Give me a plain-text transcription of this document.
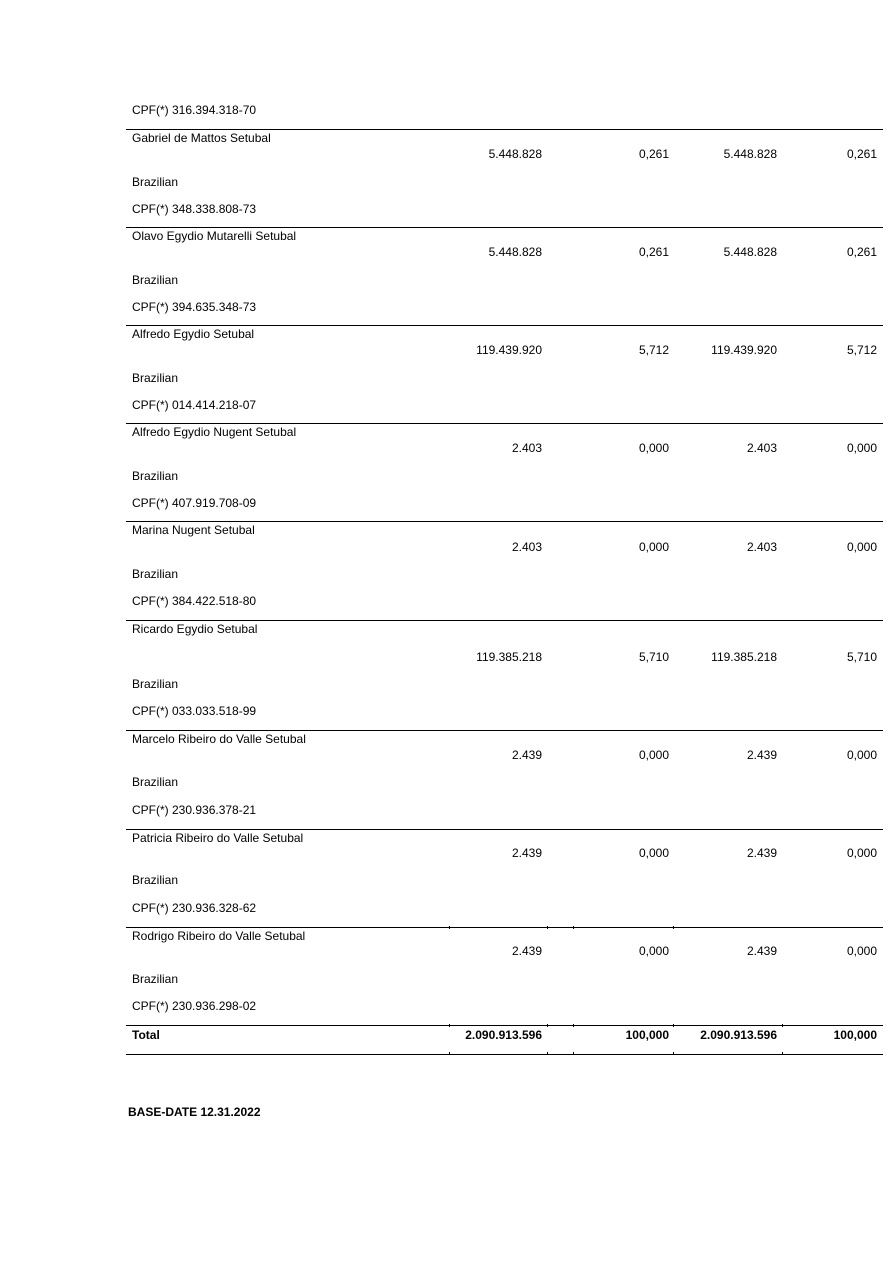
CPF(*) 316.394.318-70
Gabriel de Mattos Setubal
5.448.828	0,261	5.448.828	0,261
Brazilian
CPF(*) 348.338.808-73
Olavo Egydio Mutarelli Setubal
5.448.828	0,261	5.448.828	0,261
Brazilian
CPF(*) 394.635.348-73
Alfredo Egydio Setubal
119.439.920	5,712	119.439.920	5,712
Brazilian
CPF(*) 014.414.218-07
Alfredo Egydio Nugent Setubal
2.403	0,000	2.403	0,000
Brazilian
CPF(*) 407.919.708-09
Marina Nugent Setubal
2.403	0,000	2.403	0,000
Brazilian
CPF(*) 384.422.518-80
Ricardo Egydio Setubal
119.385.218	5,710	119.385.218	5,710
Brazilian
CPF(*) 033.033.518-99
Marcelo Ribeiro do Valle Setubal
2.439	0,000	2.439	0,000
Brazilian
CPF(*) 230.936.378-21
Patricia Ribeiro do Valle Setubal
2.439	0,000	2.439	0,000
Brazilian
CPF(*) 230.936.328-62
Rodrigo Ribeiro do Valle Setubal
2.439	0,000	2.439	0,000
Brazilian
CPF(*) 230.936.298-02
Total	2.090.913.596	100,000	2.090.913.596	100,000
BASE-DATE 12.31.2022
